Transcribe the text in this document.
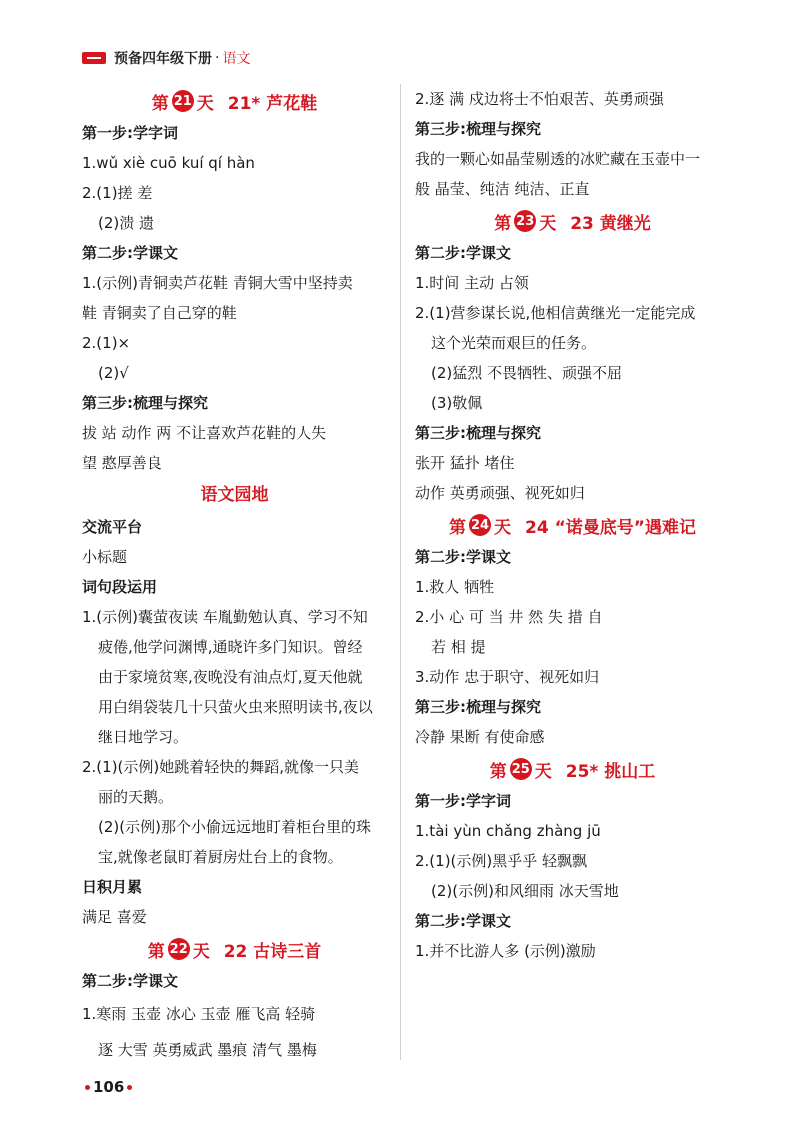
预备四年级下册 · 语文
第 21 天 21* 芦花鞋
第一步:学字词
1.wǔ xiè cuō kuí qí hàn
2.(1)搓 差
(2)溃 遗
第二步:学课文
1.(示例)青铜卖芦花鞋 青铜大雪中坚持卖
鞋 青铜卖了自己穿的鞋
2.(1)×
(2)√
第三步:梳理与探究
拔 站 动作 两 不让喜欢芦花鞋的人失
望 憨厚善良
语文园地
交流平台
小标题
词句段运用
1.(示例)囊萤夜读 车胤勤勉认真、学习不知
疲倦,他学问渊博,通晓许多门知识。曾经
由于家境贫寒,夜晚没有油点灯,夏天他就
用白绢袋装几十只萤火虫来照明读书,夜以
继日地学习。
2.(1)(示例)她跳着轻快的舞蹈,就像一只美
丽的天鹅。
(2)(示例)那个小偷远远地盯着柜台里的珠
宝,就像老鼠盯着厨房灶台上的食物。
日积月累
满足 喜爱
第 22 天 22 古诗三首
第二步:学课文
1.寒雨 玉壶 冰心 玉壶 雁飞高 轻骑
逐 大雪 英勇威武 墨痕 清气 墨梅
2.逐 满 戍边将士不怕艰苦、英勇顽强
第三步:梳理与探究
我的一颗心如晶莹剔透的冰贮藏在玉壶中一
般 晶莹、纯洁 纯洁、正直
第 23 天 23 黄继光
第二步:学课文
1.时间 主动 占领
2.(1)营参谋长说,他相信黄继光一定能完成
这个光荣而艰巨的任务。
(2)猛烈 不畏牺牲、顽强不屈
(3)敬佩
第三步:梳理与探究
张开 猛扑 堵住
动作 英勇顽强、视死如归
第 24 天 24 “诺曼底号”遇难记
第二步:学课文
1.救人 牺牲
2.小 心 可 当 井 然 失 措 自
若 相 提
3.动作 忠于职守、视死如归
第三步:梳理与探究
冷静 果断 有使命感
第 25 天 25* 挑山工
第一步:学字词
1.tài yùn chǎng zhàng jū
2.(1)(示例)黑乎乎 轻飘飘
(2)(示例)和风细雨 冰天雪地
第二步:学课文
1.并不比游人多 (示例)激励
106
